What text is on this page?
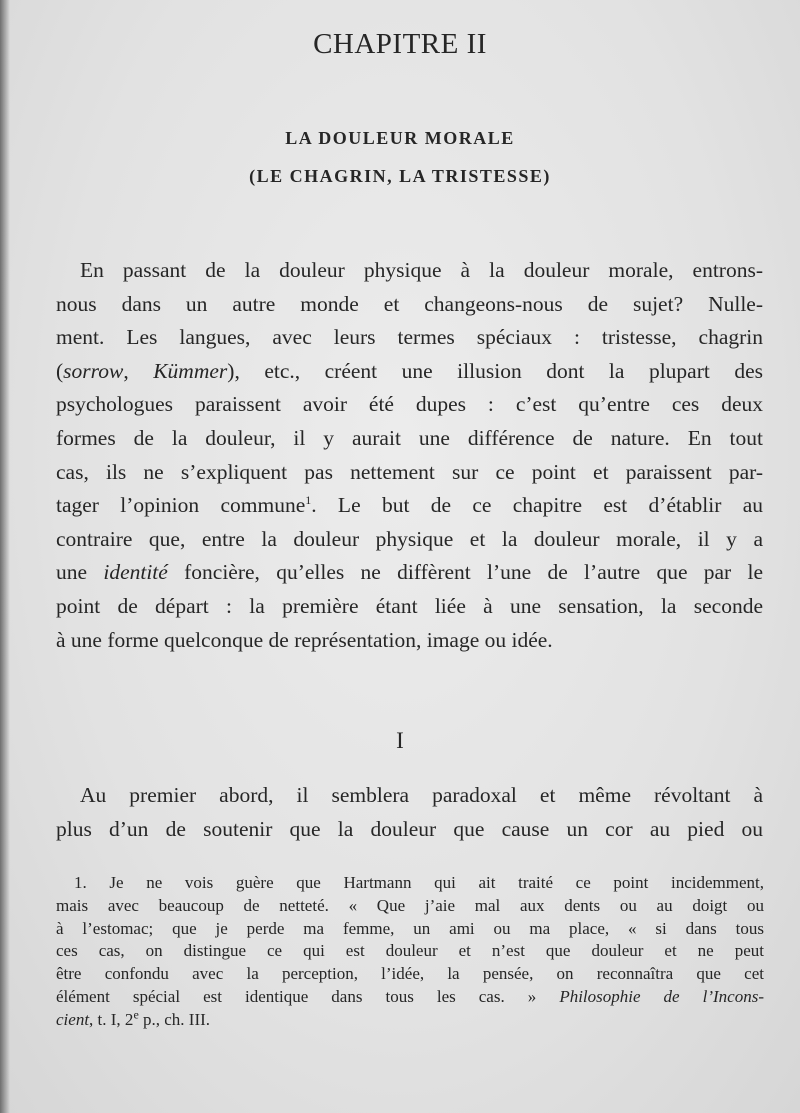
CHAPITRE II
LA DOULEUR MORALE
(LE CHAGRIN, LA TRISTESSE)
En passant de la douleur physique à la douleur morale, entrons-
nous dans un autre monde et changeons-nous de sujet? Nulle-
ment. Les langues, avec leurs termes spéciaux : tristesse, chagrin
(sorrow, Kümmer), etc., créent une illusion dont la plupart des
psychologues paraissent avoir été dupes : c’est qu’entre ces deux
formes de la douleur, il y aurait une différence de nature. En tout
cas, ils ne s’expliquent pas nettement sur ce point et paraissent par-
tager l’opinion commune$^1$. Le but de ce chapitre est d’établir au
contraire que, entre la douleur physique et la douleur morale, il y a
une identité foncière, qu’elles ne diffèrent l’une de l’autre que par le
point de départ : la première étant liée à une sensation, la seconde
à une forme quelconque de représentation, image ou idée.
I
Au premier abord, il semblera paradoxal et même révoltant à
plus d’un de soutenir que la douleur que cause un cor au pied ou
1. Je ne vois guère que Hartmann qui ait traité ce point incidemment,
mais avec beaucoup de netteté. « Que j’aie mal aux dents ou au doigt ou
à l’estomac; que je perde ma femme, un ami ou ma place, « si dans tous
ces cas, on distingue ce qui est douleur et n’est que douleur et ne peut
être confondu avec la perception, l’idée, la pensée, on reconnaîtra que cet
élément spécial est identique dans tous les cas. » Philosophie de l’Incons-
cient, t. I, 2e p., ch. III.
